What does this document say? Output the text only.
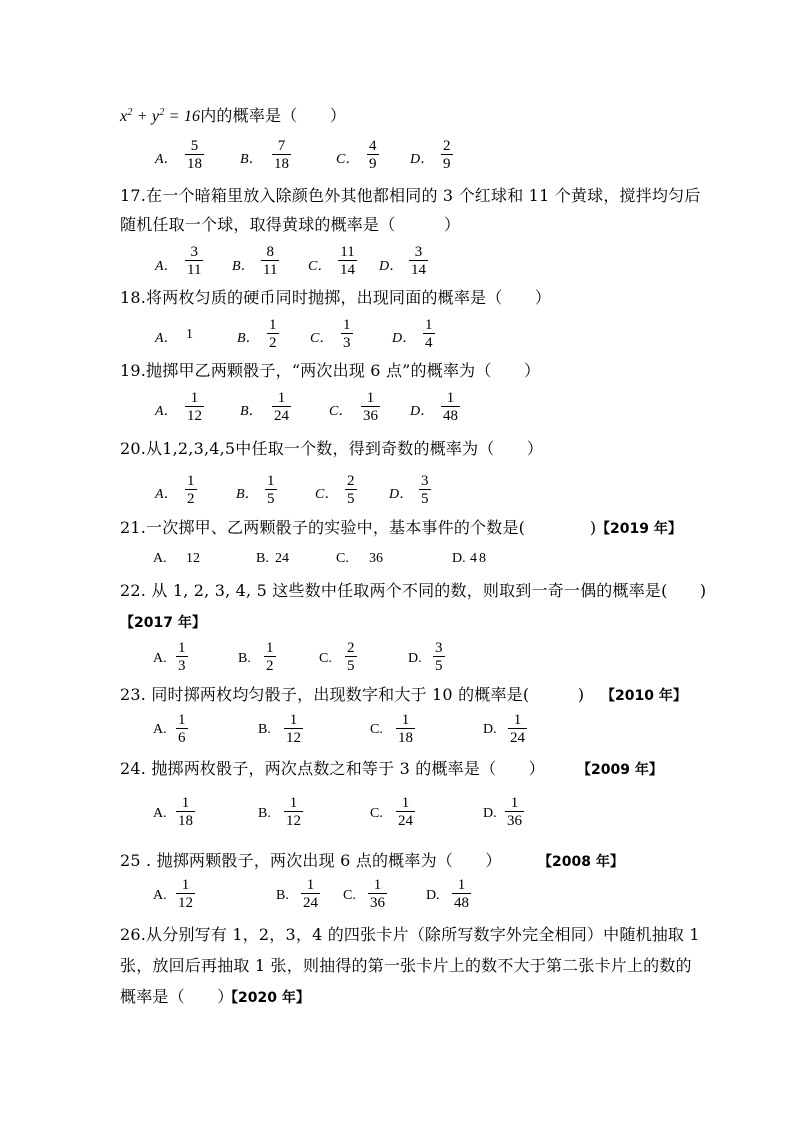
$x^2 + y^2 = 16$内的概率是（　　）
A． $\frac{5}{18}$	B． $\frac{7}{18}$	C． $\frac{4}{9}$ D． $\frac{2}{9}$
17.在一个暗箱里放入除颜色外其他都相同的 3 个红球和 11 个黄球，搅拌均匀后
随机任取一个球，取得黄球的概率是（　　　）
A． $\frac{3}{11}$ B． $\frac{8}{11}$ C． $\frac{11}{14}$ D． $\frac{3}{14}$
18.将两枚匀质的硬币同时抛掷，出现同面的概率是（　　）
A． 1	B． $\frac{1}{2}$ C． $\frac{1}{3}$	D． $\frac{1}{4}$
19.抛掷甲乙两颗骰子，“两次出现 6 点”的概率为（　　）
A． $\frac{1}{12}$	B． $\frac{1}{24}$	C． $\frac{1}{36}$ D． $\frac{1}{48}$
20.从1,2,3,4,5中任取一个数，得到奇数的概率为（　　）
A． $\frac{1}{2}$	B． $\frac{1}{5}$	C． $\frac{2}{5}$ D． $\frac{3}{5}$
21.一次掷甲、乙两颗骰子的实验中，基本事件的个数是(　　　　) 【2019 年】
A. 12	B. 24	C. 36	D. 48
22. 从 1, 2, 3, 4, 5 这些数中任取两个不同的数，则取到一奇一偶的概率是(　　)
【2017 年】
A. $\frac{1}{3}$	B. $\frac{1}{2}$	C. $\frac{2}{5}$	D. $\frac{3}{5}$
23. 同时掷两枚均匀骰子，出现数字和大于 10 的概率是(　　　) 【2010 年】
A. $\frac{1}{6}$	B. $\frac{1}{12}$	C. $\frac{1}{18}$	D. $\frac{1}{24}$
24. 抛掷两枚骰子，两次点数之和等于 3 的概率是（　　） 【2009 年】
A. $\frac{1}{18}$	B. $\frac{1}{12}$	C. $\frac{1}{24}$	D. $\frac{1}{36}$
25 . 抛掷两颗骰子，两次出现 6 点的概率为（　　）	【2008 年】
A. $\frac{1}{12}$	B. $\frac{1}{24} C$. $\frac{1}{36}$	D. $\frac{1}{48}$
26.从分别写有 1，2，3，4 的四张卡片（除所写数字外完全相同）中随机抽取 1
张，放回后再抽取 1 张，则抽得的第一张卡片上的数不大于第二张卡片上的数的
概率是（　　）
【2020 年】
